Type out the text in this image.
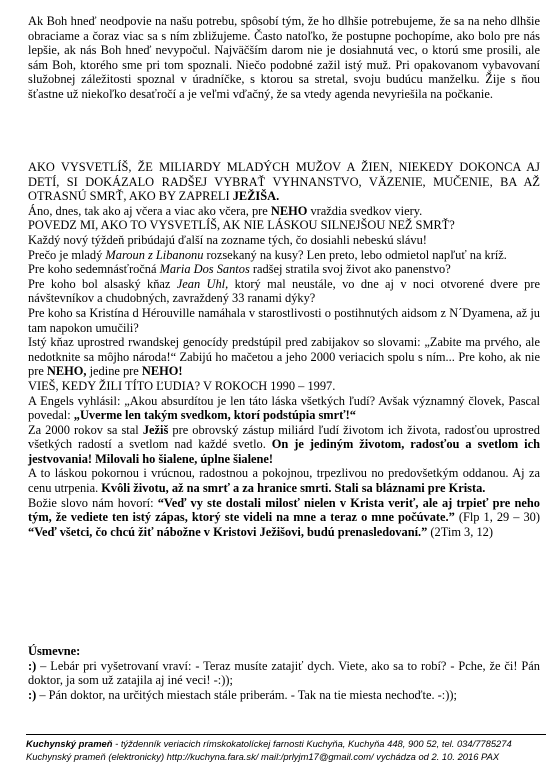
Ak Boh hneď neodpovie na našu potrebu, spôsobí tým, že ho dlhšie potrebujeme, že sa na neho dlhšie obraciame a čoraz viac sa s ním zbližujeme. Často natoľko, že postupne pochopíme, ako bolo pre nás lepšie, ak nás Boh hneď nevypočul. Najväčším darom nie je dosiahnutá vec, o ktorú sme prosili, ale sám Boh, ktorého sme pri tom spoznali. Niečo podobné zažil istý muž. Pri opakovanom vybavovaní služobnej záležitosti spoznal v úradníčke, s ktorou sa stretal, svoju budúcu manželku. Žije s ňou šťastne už niekoľko desaťročí a je veľmi vďačný, že sa vtedy agenda nevyriešila na počkanie.

AKO VYSVETLÍŠ, ŽE MILIARDY MLADÝCH MUŽOV A ŽIEN, NIEKEDY DOKONCA AJ DETÍ, SI DOKÁZALO RADŠEJ VYBRAŤ VYHNANSTVO, VÄZENIE, MUČENIE, BA AŽ OTRASNÚ SMRŤ, AKO BY ZAPRELI JEŽIŠA.

Áno, dnes, tak ako aj včera a viac ako včera, pre NEHO vraždia svedkov viery.

POVEDZ MI, AKO TO VYSVETLÍŠ, AK NIE LÁSKOU SILNEJŠOU NEŽ SMRŤ?

Každý nový týždeň pribúdajú ďalší na zozname tých, čo dosiahli nebeskú slávu!

Prečo je mladý Maroun z Libanonu rozsekaný na kusy? Len preto, lebo odmietol napľuť na kríž.

Pre koho sedemnásťročná Maria Dos Santos radšej stratila svoj život ako panenstvo?

Pre koho bol alsaský kňaz Jean Uhl, ktorý mal neustále, vo dne aj v noci otvorené dvere pre návštevníkov a chudobných, zavraždený 33 ranami dýky?

Pre koho sa Kristína d Hérouville namáhala v starostlivosti o postihnutých aidsom z N´Dyamena, až ju tam napokon umučili?

Istý kňaz uprostred rwandskej genocídy predstúpil pred zabijakov so slovami: „Zabite ma prvého, ale nedotknite sa môjho národa!“ Zabijú ho mačetou a jeho 2000 veriacich spolu s ním... Pre koho, ak nie pre NEHO, jedine pre NEHO!

VIEŠ, KEDY ŽILI TÍTO ĽUDIA? V ROKOCH 1990 – 1997.

A Engels vyhlásil: „Akou absurdítou je len táto láska všetkých ľudí? Avšak významný človek, Pascal povedal: „Uverme len takým svedkom, ktorí podstúpia smrť!“

Za 2000 rokov sa stal Ježiš pre obrovský zástup miliárd ľudí životom ich života, radosťou uprostred všetkých radostí a svetlom nad každé svetlo. On je jediným životom, radosťou a svetlom ich jestvovania! Milovali ho šialene, úplne šialene!

A to láskou pokornou i vrúcnou, radostnou a pokojnou, trpezlivou no predovšetkým oddanou. Aj za cenu utrpenia. Kvôli životu, až na smrť a za hranice smrti. Stali sa bláznami pre Krista.

Božie slovo nám hovorí: “Veď vy ste dostali milosť nielen v Krista veriť, ale aj trpieť pre neho tým, že vediete ten istý zápas, ktorý ste videli na mne a teraz o mne počúvate.” (Flp 1, 29 – 30) “Veď všetci, čo chcú žiť nábožne v Kristovi Ježišovi, budú prenasledovaní.” (2Tim 3, 12)

Úsmevne:

:) – Lebár pri vyšetrovaní vraví: - Teraz musíte zatajiť dych. Viete, ako sa to robí? - Pche, že či! Pán doktor, ja som už zatajila aj iné veci! -:));

:) – Pán doktor, na určitých miestach stále priberám. - Tak na tie miesta nechoďte. -:));

Kuchynský prameň - týždenník veriacich rímskokatolíckej farnosti Kuchyňa, Kuchyňa 448, 900 52, tel. 034/7785274
Kuchynský prameň (elektronicky) http://kuchyna.fara.sk/ mail:/prlyjm17@gmail.com/ vychádza od 2. 10. 2016 PAX
